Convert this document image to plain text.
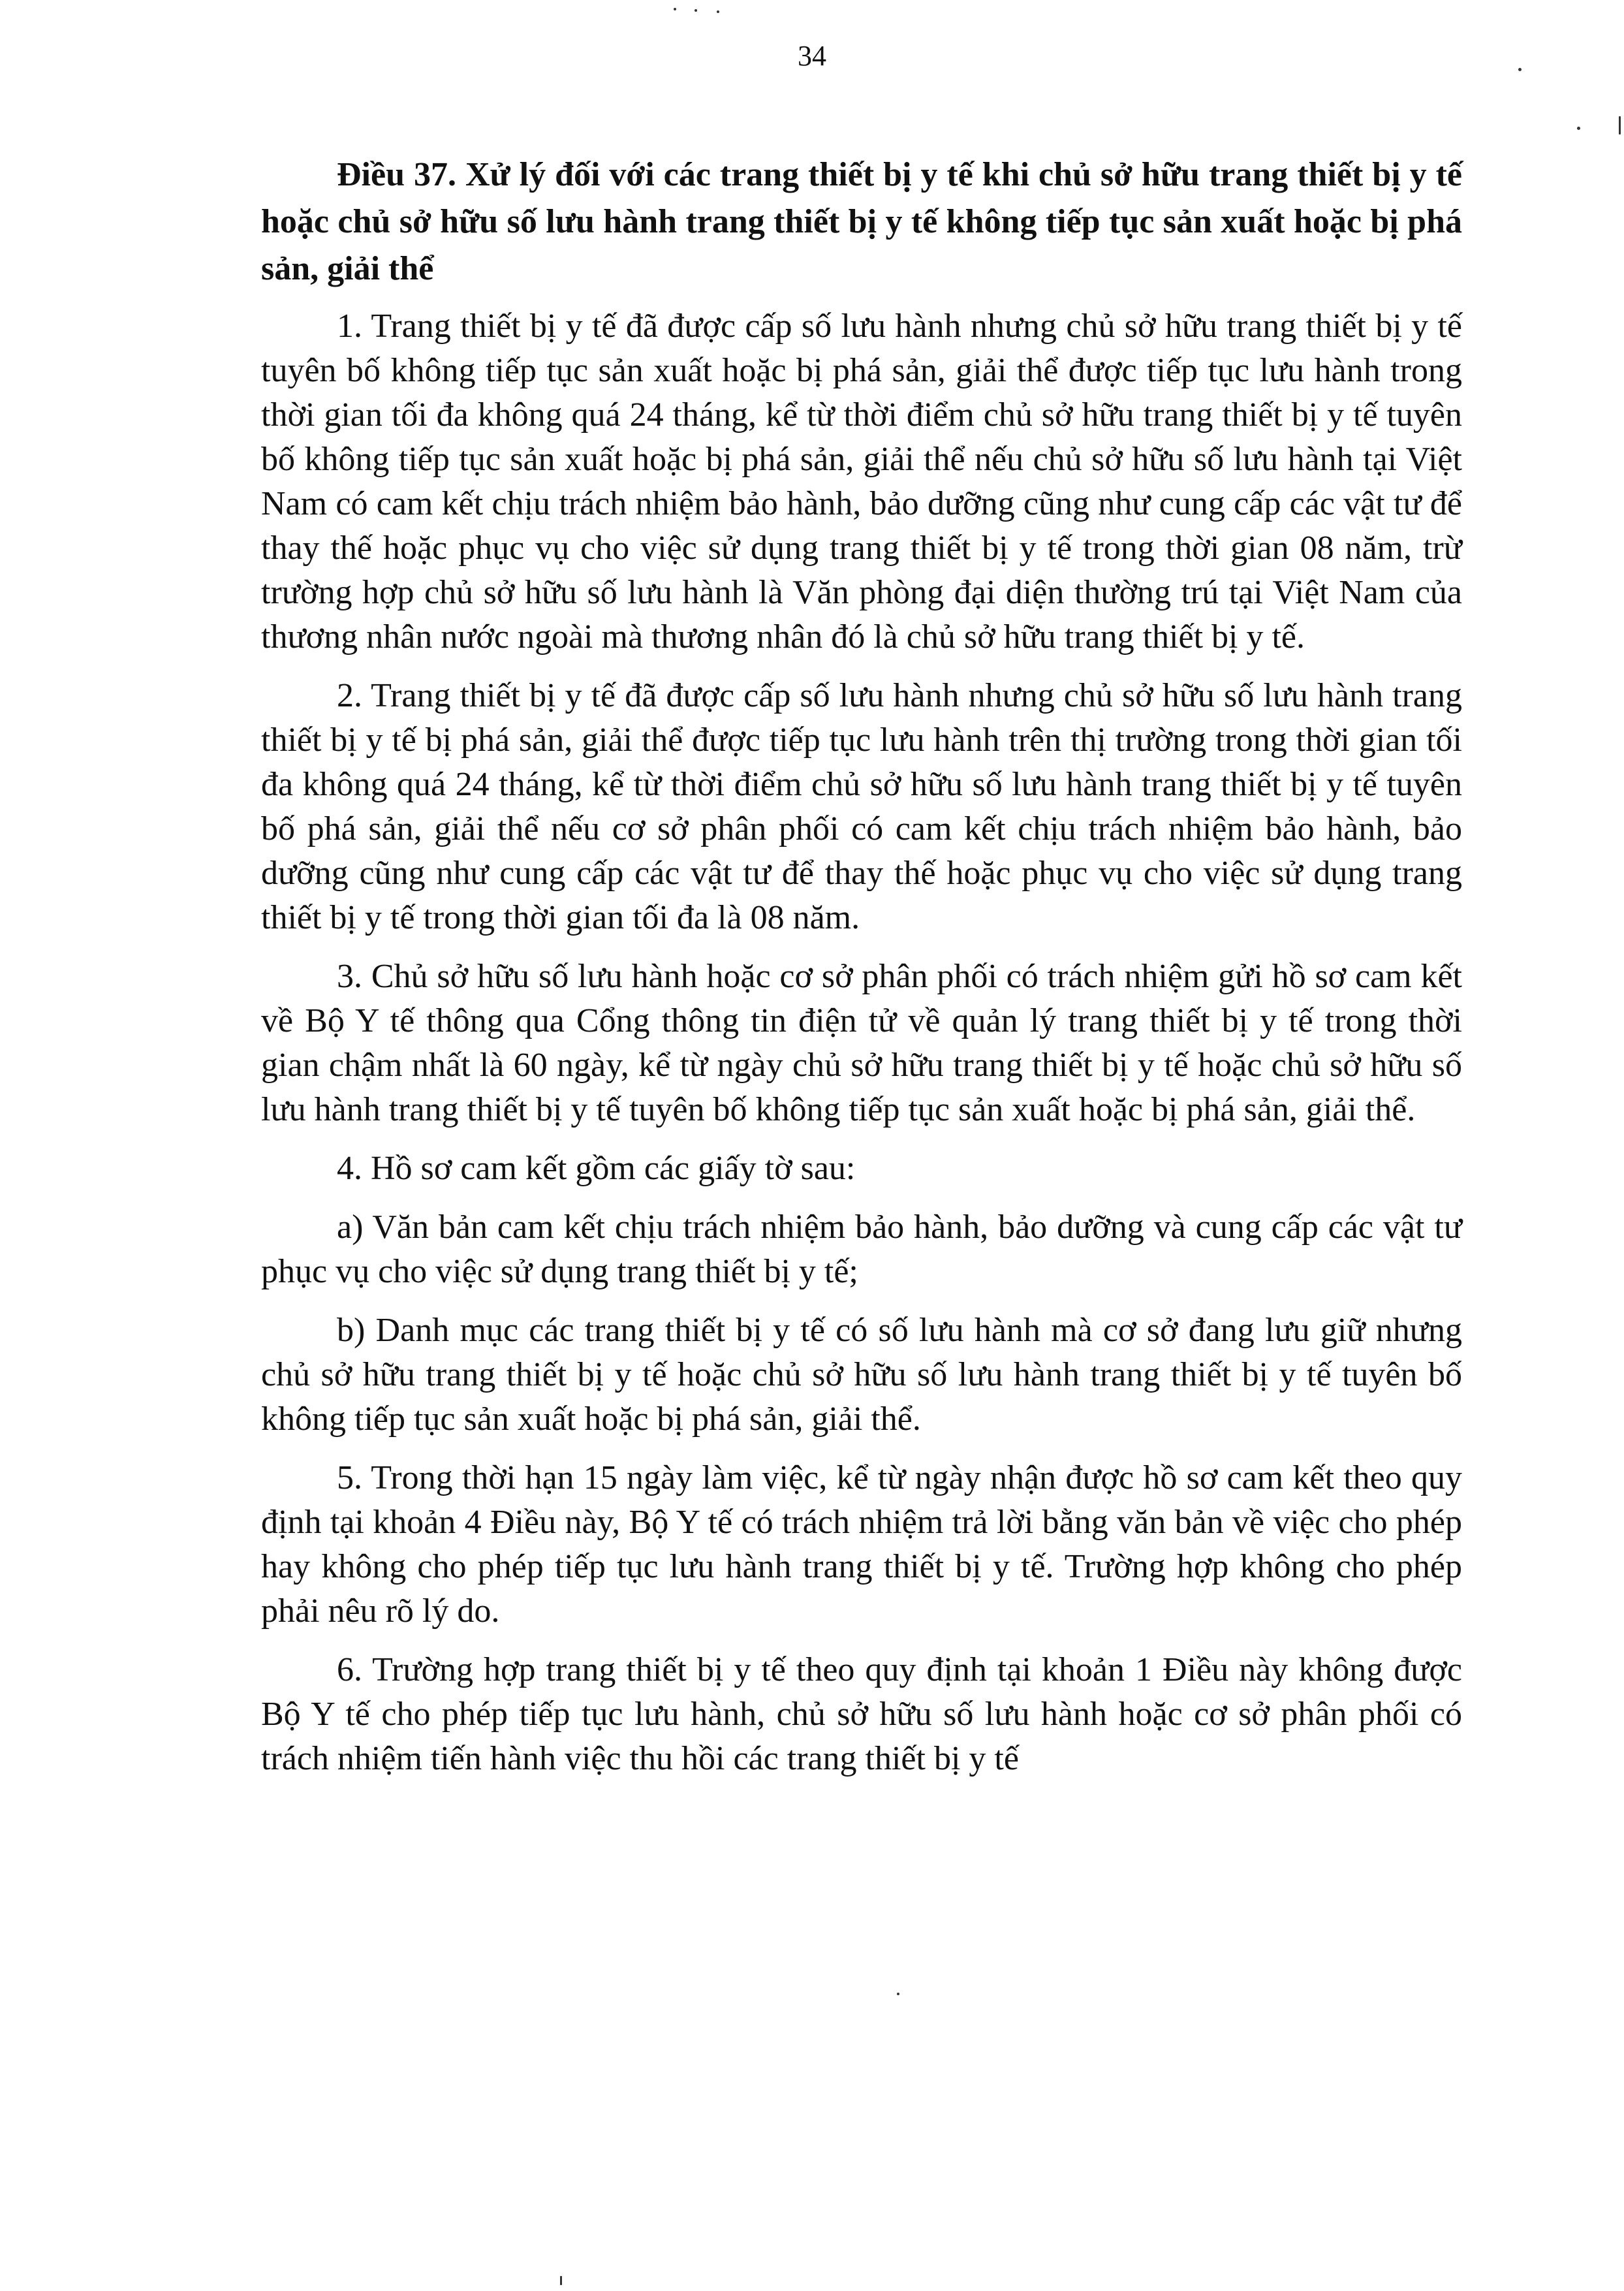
34

Điều 37. Xử lý đối với các trang thiết bị y tế khi chủ sở hữu trang thiết bị y tế hoặc chủ sở hữu số lưu hành trang thiết bị y tế không tiếp tục sản xuất hoặc bị phá sản, giải thể

1. Trang thiết bị y tế đã được cấp số lưu hành nhưng chủ sở hữu trang thiết bị y tế tuyên bố không tiếp tục sản xuất hoặc bị phá sản, giải thể được tiếp tục lưu hành trong thời gian tối đa không quá 24 tháng, kể từ thời điểm chủ sở hữu trang thiết bị y tế tuyên bố không tiếp tục sản xuất hoặc bị phá sản, giải thể nếu chủ sở hữu số lưu hành tại Việt Nam có cam kết chịu trách nhiệm bảo hành, bảo dưỡng cũng như cung cấp các vật tư để thay thế hoặc phục vụ cho việc sử dụng trang thiết bị y tế trong thời gian 08 năm, trừ trường hợp chủ sở hữu số lưu hành là Văn phòng đại diện thường trú tại Việt Nam của thương nhân nước ngoài mà thương nhân đó là chủ sở hữu trang thiết bị y tế.

2. Trang thiết bị y tế đã được cấp số lưu hành nhưng chủ sở hữu số lưu hành trang thiết bị y tế bị phá sản, giải thể được tiếp tục lưu hành trên thị trường trong thời gian tối đa không quá 24 tháng, kể từ thời điểm chủ sở hữu số lưu hành trang thiết bị y tế tuyên bố phá sản, giải thể nếu cơ sở phân phối có cam kết chịu trách nhiệm bảo hành, bảo dưỡng cũng như cung cấp các vật tư để thay thế hoặc phục vụ cho việc sử dụng trang thiết bị y tế trong thời gian tối đa là 08 năm.

3. Chủ sở hữu số lưu hành hoặc cơ sở phân phối có trách nhiệm gửi hồ sơ cam kết về Bộ Y tế thông qua Cổng thông tin điện tử về quản lý trang thiết bị y tế trong thời gian chậm nhất là 60 ngày, kể từ ngày chủ sở hữu trang thiết bị y tế hoặc chủ sở hữu số lưu hành trang thiết bị y tế tuyên bố không tiếp tục sản xuất hoặc bị phá sản, giải thể.

4. Hồ sơ cam kết gồm các giấy tờ sau:

a) Văn bản cam kết chịu trách nhiệm bảo hành, bảo dưỡng và cung cấp các vật tư phục vụ cho việc sử dụng trang thiết bị y tế;

b) Danh mục các trang thiết bị y tế có số lưu hành mà cơ sở đang lưu giữ nhưng chủ sở hữu trang thiết bị y tế hoặc chủ sở hữu số lưu hành trang thiết bị y tế tuyên bố không tiếp tục sản xuất hoặc bị phá sản, giải thể.

5. Trong thời hạn 15 ngày làm việc, kể từ ngày nhận được hồ sơ cam kết theo quy định tại khoản 4 Điều này, Bộ Y tế có trách nhiệm trả lời bằng văn bản về việc cho phép hay không cho phép tiếp tục lưu hành trang thiết bị y tế. Trường hợp không cho phép phải nêu rõ lý do.

6. Trường hợp trang thiết bị y tế theo quy định tại khoản 1 Điều này không được Bộ Y tế cho phép tiếp tục lưu hành, chủ sở hữu số lưu hành hoặc cơ sở phân phối có trách nhiệm tiến hành việc thu hồi các trang thiết bị y tế
